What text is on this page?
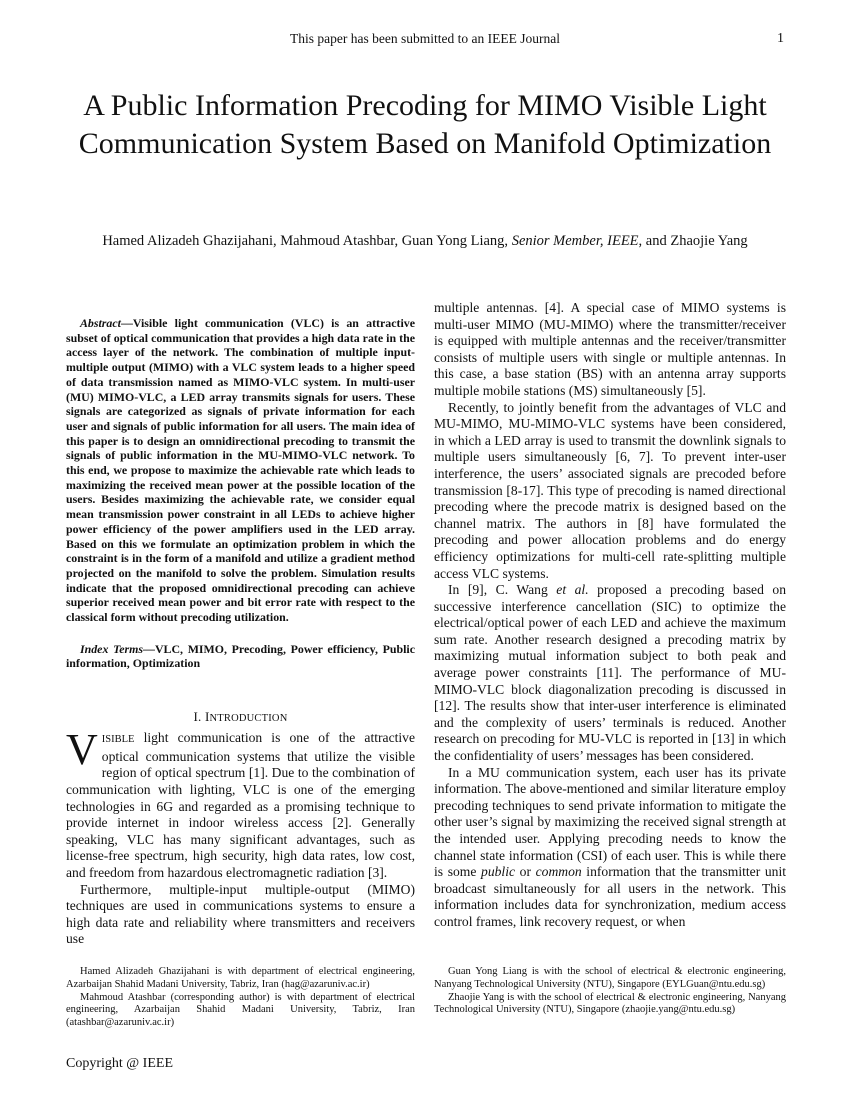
This paper has been submitted to an IEEE Journal	1
A Public Information Precoding for MIMO Visible Light Communication System Based on Manifold Optimization
Hamed Alizadeh Ghazijahani, Mahmoud Atashbar, Guan Yong Liang, Senior Member, IEEE, and Zhaojie Yang

Abstract—Visible light communication (VLC) is an attractive subset of optical communication that provides a high data rate in the access layer of the network. The combination of multiple input-multiple output (MIMO) with a VLC system leads to a higher speed of data transmission named as MIMO-VLC system. In multi-user (MU) MIMO-VLC, a LED array transmits signals for users. These signals are categorized as signals of private information for each user and signals of public information for all users. The main idea of this paper is to design an omnidirectional precoding to transmit the signals of public information in the MU-MIMO-VLC network. To this end, we propose to maximize the achievable rate which leads to maximizing the received mean power at the possible location of the users. Besides maximizing the achievable rate, we consider equal mean transmission power constraint in all LEDs to achieve higher power efficiency of the power amplifiers used in the LED array. Based on this we formulate an optimization problem in which the constraint is in the form of a manifold and utilize a gradient method projected on the manifold to solve the problem. Simulation results indicate that the proposed omnidirectional precoding can achieve superior received mean power and bit error rate with respect to the classical form without precoding utilization.

Index Terms—VLC, MIMO, Precoding, Power efficiency, Public information, Optimization

I. INTRODUCTION

VISIBLE light communication is one of the attractive optical communication systems that utilize the visible region of optical spectrum [1]. Due to the combination of communication with lighting, VLC is one of the emerging technologies in 6G and regarded as a promising technique to provide internet in indoor wireless access [2]. Generally speaking, VLC has many significant advantages, such as license-free spectrum, high security, high data rates, low cost, and freedom from hazardous electromagnetic radiation [3].

Furthermore, multiple-input multiple-output (MIMO) techniques are used in communications systems to ensure a high data rate and reliability where transmitters and receivers use

multiple antennas. [4]. A special case of MIMO systems is multi-user MIMO (MU-MIMO) where the transmitter/receiver is equipped with multiple antennas and the receiver/transmitter consists of multiple users with single or multiple antennas. In this case, a base station (BS) with an antenna array supports multiple mobile stations (MS) simultaneously [5].

Recently, to jointly benefit from the advantages of VLC and MU-MIMO, MU-MIMO-VLC systems have been considered, in which a LED array is used to transmit the downlink signals to multiple users simultaneously [6, 7]. To prevent inter-user interference, the users’ associated signals are precoded before transmission [8-17]. This type of precoding is named directional precoding where the precode matrix is designed based on the channel matrix. The authors in [8] have formulated the precoding and power allocation problems and do energy efficiency optimizations for multi-cell rate-splitting multiple access VLC systems.

In [9], C. Wang et al. proposed a precoding based on successive interference cancellation (SIC) to optimize the electrical/optical power of each LED and achieve the maximum sum rate. Another research designed a precoding matrix by maximizing mutual information subject to both peak and average power constraints [11]. The performance of MU-MIMO-VLC block diagonalization precoding is discussed in [12]. The results show that inter-user interference is eliminated and the complexity of users’ terminals is reduced. Another research on precoding for MU-VLC is reported in [13] in which the confidentiality of users’ messages has been considered.

In a MU communication system, each user has its private information. The above-mentioned and similar literature employ precoding techniques to send private information to mitigate the other user’s signal by maximizing the received signal strength at the intended user. Applying precoding needs to know the channel state information (CSI) of each user. This is while there is some public or common information that the transmitter unit broadcast simultaneously for all users in the network. This information includes data for synchronization, medium access control frames, link recovery request, or when

Hamed Alizadeh Ghazijahani is with department of electrical engineering, Azarbaijan Shahid Madani University, Tabriz, Iran (hag@azaruniv.ac.ir)

Mahmoud Atashbar (corresponding author) is with department of electrical engineering, Azarbaijan Shahid Madani University, Tabriz, Iran (atashbar@azaruniv.ac.ir)

Guan Yong Liang is with the school of electrical & electronic engineering, Nanyang Technological University (NTU), Singapore (EYLGuan@ntu.edu.sg)

Zhaojie Yang is with the school of electrical & electronic engineering, Nanyang Technological University (NTU), Singapore (zhaojie.yang@ntu.edu.sg)

Copyright @ IEEE
